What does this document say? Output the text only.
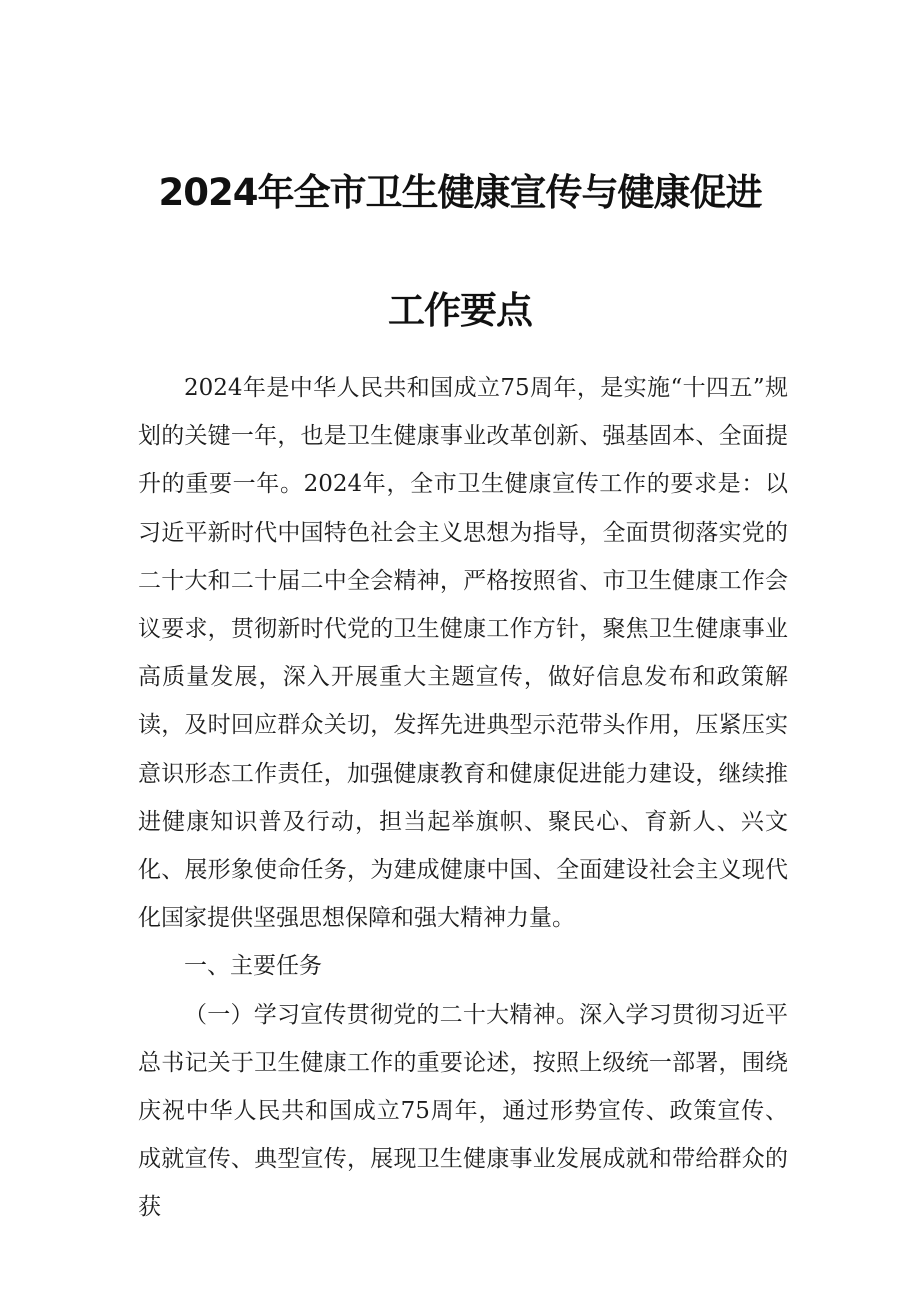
2024年全市卫生健康宣传与健康促进
工作要点

2024年是中华人民共和国成立75周年，是实施“十四五”规划的关键一年，也是卫生健康事业改革创新、强基固本、全面提升的重要一年。2024年，全市卫生健康宣传工作的要求是：以习近平新时代中国特色社会主义思想为指导，全面贯彻落实党的二十大和二十届二中全会精神，严格按照省、市卫生健康工作会议要求，贯彻新时代党的卫生健康工作方针，聚焦卫生健康事业高质量发展，深入开展重大主题宣传，做好信息发布和政策解读，及时回应群众关切，发挥先进典型示范带头作用，压紧压实意识形态工作责任，加强健康教育和健康促进能力建设，继续推进健康知识普及行动，担当起举旗帜、聚民心、育新人、兴文化、展形象使命任务，为建成健康中国、全面建设社会主义现代化国家提供坚强思想保障和强大精神力量。

一、主要任务

（一）学习宣传贯彻党的二十大精神。深入学习贯彻习近平总书记关于卫生健康工作的重要论述，按照上级统一部署，围绕庆祝中华人民共和国成立75周年，通过形势宣传、政策宣传、成就宣传、典型宣传，展现卫生健康事业发展成就和带给群众的获
